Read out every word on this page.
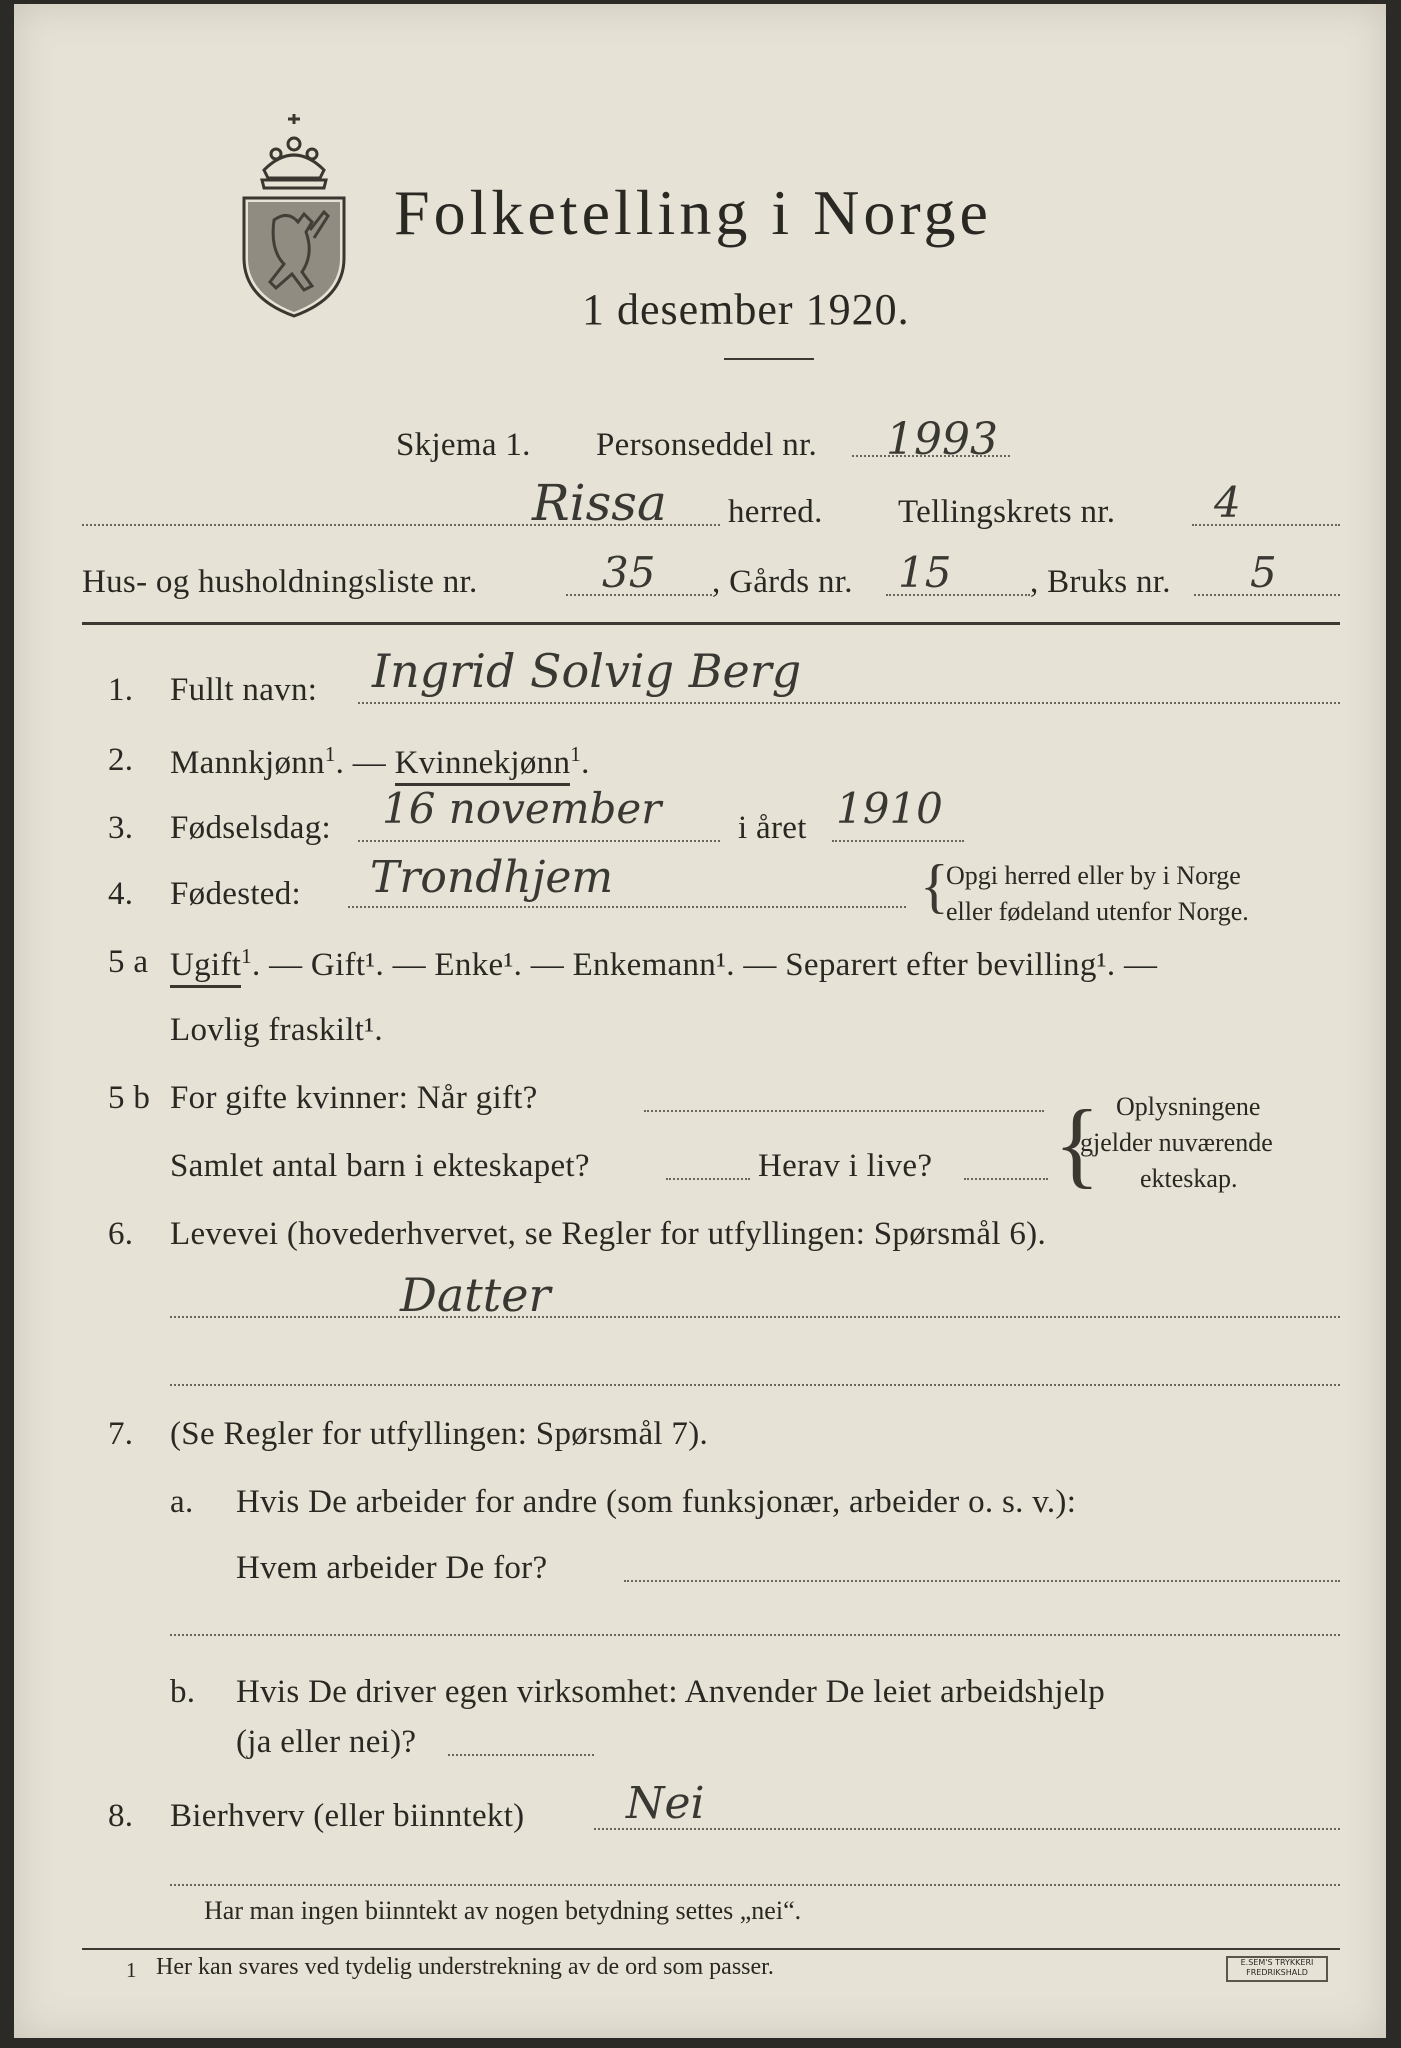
Folketelling i Norge
1 desember 1920.
Skjema 1. Personseddel nr. 1993
Rissa herred. Tellingskrets nr. 4
Hus- og husholdningsliste nr.	35 , Gårds nr. 15 , Bruks nr. 5
1. Fullt navn: Ingrid Solvig Berg
2. Mannkjønn$^1$. — Kvinnekjønn$^1$.
3. Fødselsdag: 16 november i året 1910
4. Fødested: Trondhjem	{
Opgi herred eller by i Norge
eller fødeland utenfor Norge.
5 a Ugift$^1$. — Gift¹. — Enke¹. — Enkemann¹. — Separert efter bevilling¹. —
Lovlig fraskilt¹.
5 b For gifte kvinner: Når gift?
Samlet antal barn i ekteskapet?	Herav i live? { Oplysningene
gjelder nuværende
ekteskap.
6. Levevei (hovederhvervet, se Regler for utfyllingen: Spørsmål 6).
Datter
7. (Se Regler for utfyllingen: Spørsmål 7).
a. Hvis De arbeider for andre (som funksjonær, arbeider o. s. v.):
Hvem arbeider De for?
b. Hvis De driver egen virksomhet: Anvender De leiet arbeidshjelp
(ja eller nei)?
8. Bierhverv (eller biinntekt) Nei
Har man ingen biinntekt av nogen betydning settes „nei“.
1 Her kan svares ved tydelig understrekning av de ord som passer.	E.SEM'S TRYKKERI FREDRIKSHALD
